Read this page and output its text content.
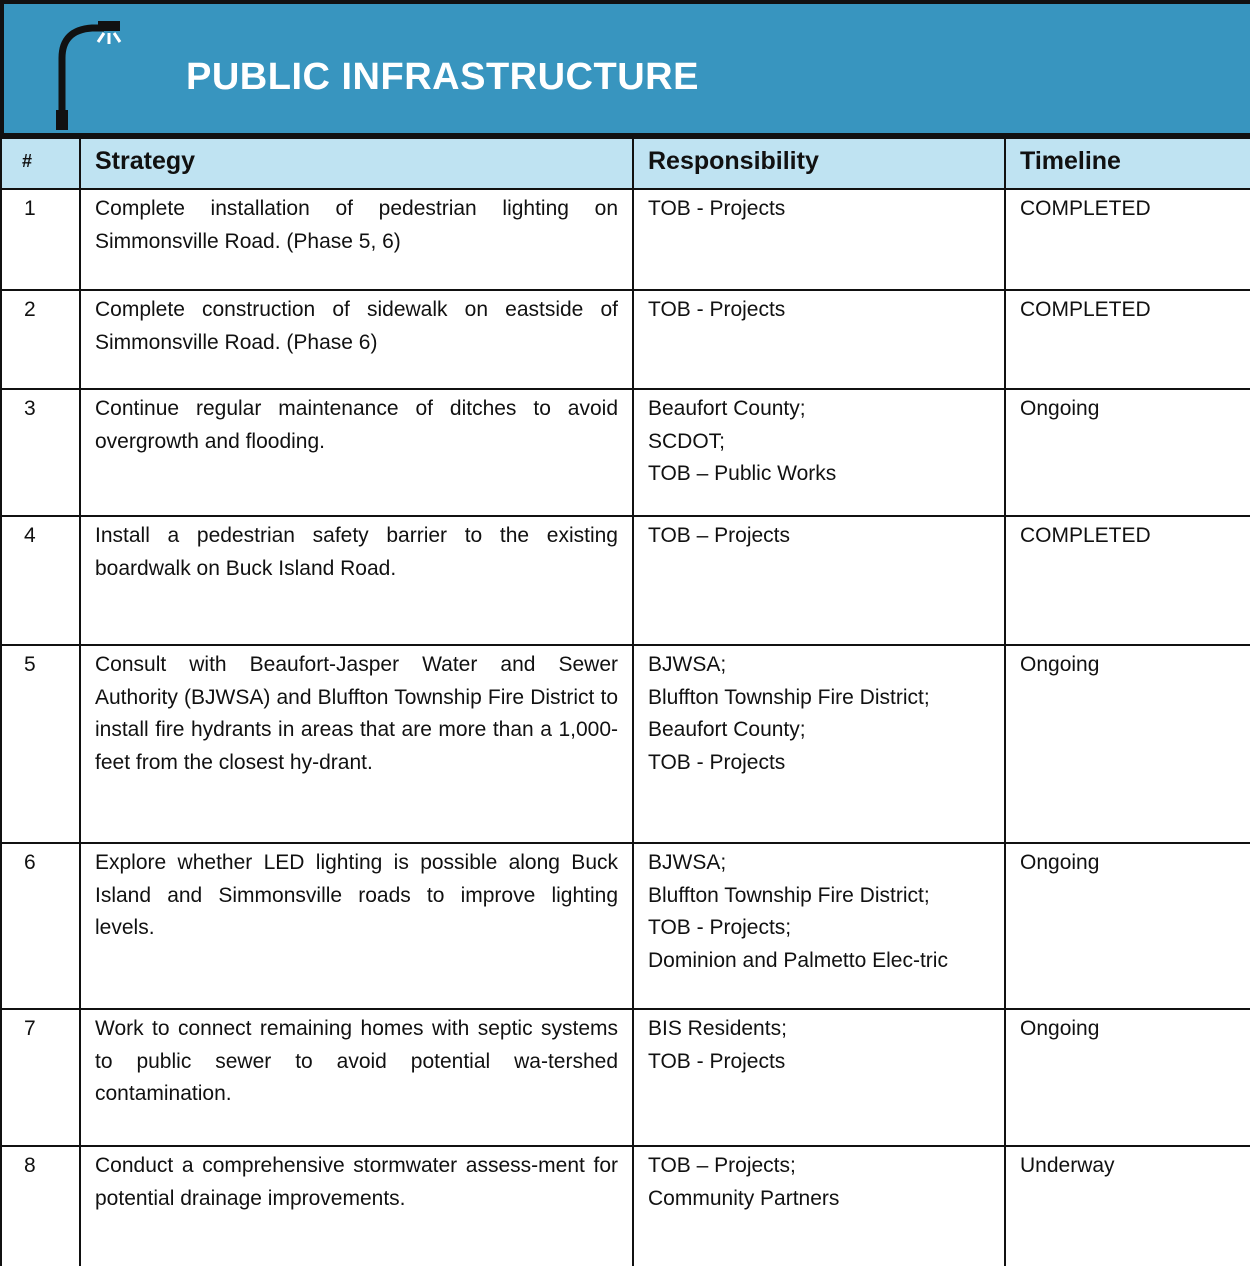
PUBLIC INFRASTRUCTURE
#	Strategy	Responsibility	Timeline
1	Complete installation of pedestrian lighting on Simmonsville Road. (Phase 5, 6)	TOB - Projects	COMPLETED
2	Complete construction of sidewalk on eastside of Simmonsville Road. (Phase 6)	TOB - Projects	COMPLETED
3	Continue regular maintenance of ditches to avoid overgrowth and flooding.	Beaufort County;
SCDOT;
TOB – Public Works	Ongoing
4	Install a pedestrian safety barrier to the existing boardwalk on Buck Island Road.	TOB – Projects	COMPLETED
5	Consult with Beaufort-Jasper Water and Sewer Authority (BJWSA) and Bluffton Township Fire District to install fire hydrants in areas that are more than a 1,000-feet from the closest hy-drant.	BJWSA;
Bluffton Township Fire District;
Beaufort County;
TOB - Projects	Ongoing
6	Explore whether LED lighting is possible along Buck Island and Simmonsville roads to improve lighting levels.	BJWSA;
Bluffton Township Fire District;
TOB - Projects;
Dominion and Palmetto Elec-tric	Ongoing
7	Work to connect remaining homes with septic systems to public sewer to avoid potential wa-tershed contamination.	BIS Residents;
TOB - Projects	Ongoing
8	Conduct a comprehensive stormwater assess-ment for potential drainage improvements.	TOB – Projects;
Community Partners	Underway
